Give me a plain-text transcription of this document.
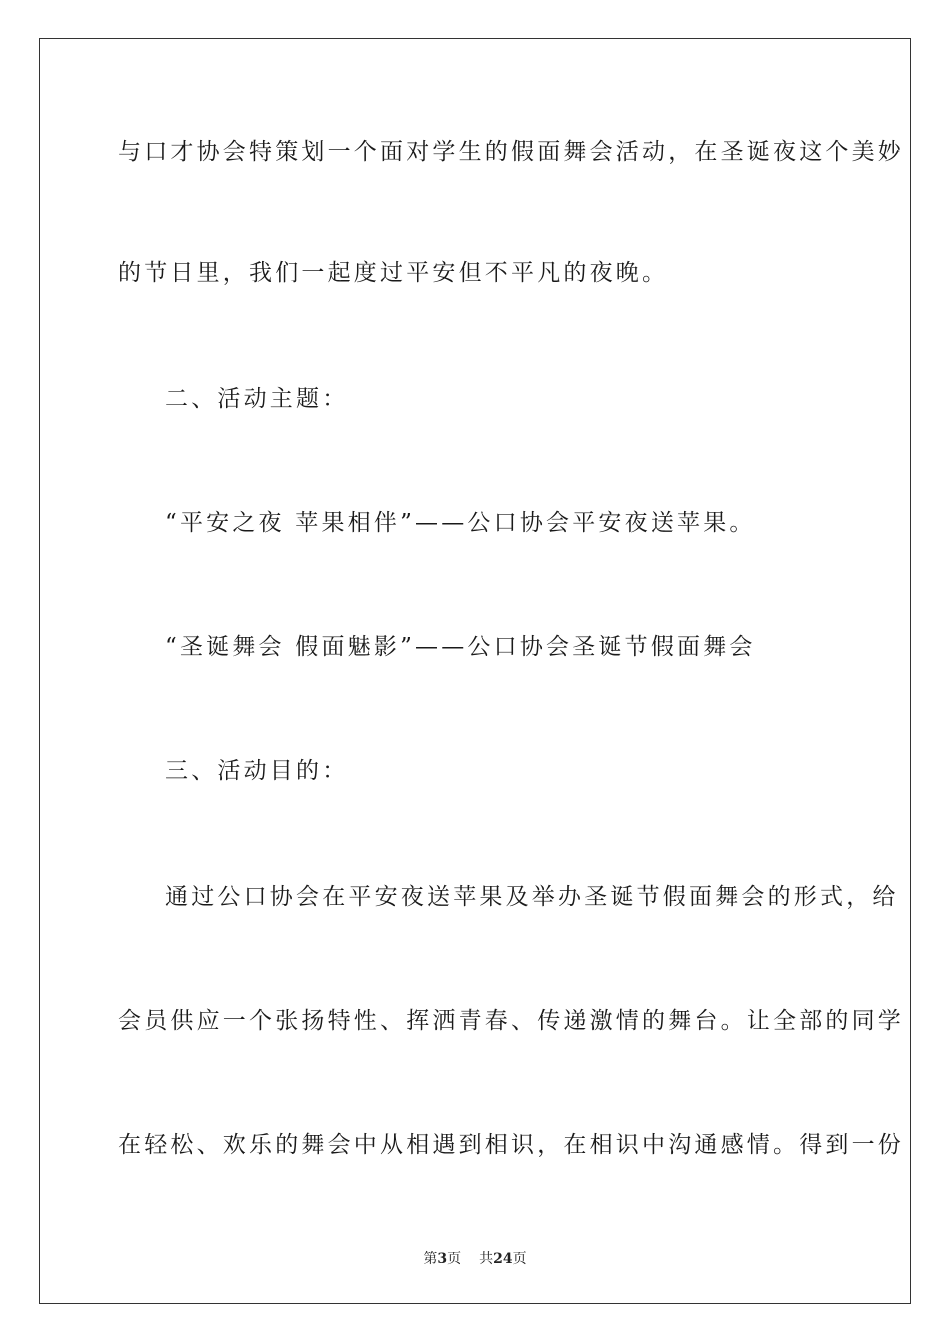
与口才协会特策划一个面对学生的假面舞会活动，在圣诞夜这个美妙
的节日里，我们一起度过平安但不平凡的夜晚。
二、活动主题：
“平安之夜 苹果相伴”——公口协会平安夜送苹果。
“圣诞舞会 假面魅影”——公口协会圣诞节假面舞会
三、活动目的：
通过公口协会在平安夜送苹果及举办圣诞节假面舞会的形式，给
会员供应一个张扬特性、挥洒青春、传递激情的舞台。让全部的同学
在轻松、欢乐的舞会中从相遇到相识，在相识中沟通感情。得到一份
第3页 共24页
